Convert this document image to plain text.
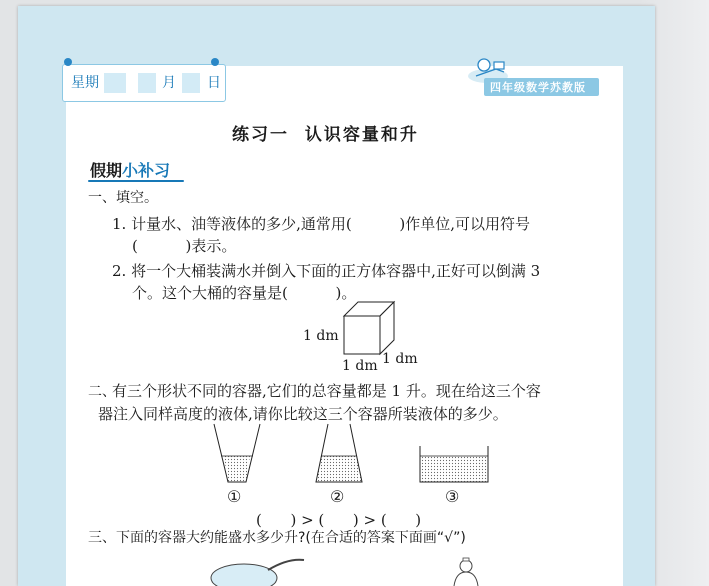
星期	月 日	四年级数学苏教版
练习一  认识容量和升
假期小补习
一、填空。
1. 计量水、油等液体的多少,通常用(          )作单位,可以用符号
(          )表示。
2. 将一个大桶装满水并倒入下面的正方体容器中,正好可以倒满 3
个。这个大桶的容量是(          )。
1 dm
1 dm 1 dm
二、
有三个形状不同的容器,它们的总容量都是 1 升。现在给这三个容
器注入同样高度的液体,请你比较这三个容器所装液体的多少。
①	②	③
(      ) > (      ) > (      )
三、下面的容器大约能盛水多少升?(在合适的答案下面画“√”)
